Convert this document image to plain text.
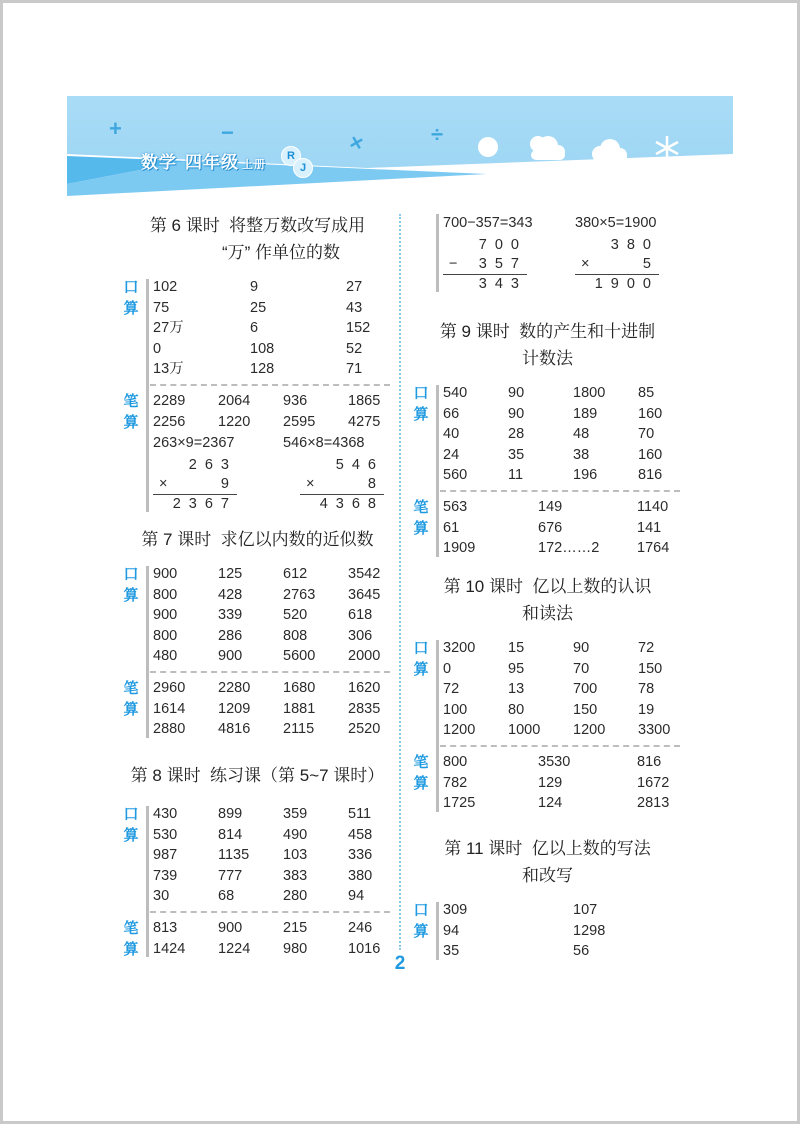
+	−	×	÷
数学 四年级 上册
R
J
第 6 课时  将整万数改写成用
“万” 作单位的数
口
算
102	9	27
75	25	43
27万	6	152
0	108	52
13万	128	71
笔
算
2289	2064	936	1865
2256	1220	2595	4275
263×9=2367	546×8=4368
263
×	9
2367
546
×	8
4368
第 7 课时  求亿以内数的近似数
口
算
900	125	612	3542
800	428	2763	3645
900	339	520	618
800	286	808	306
480	900	5600	2000
笔
算
2960	2280	1680	1620
1614	1209	1881	2835
2880	4816	2115	2520
第 8 课时  练习课（第 5~7 课时）
口
算
430	899	359	511
530	814	490	458
987	1135	103	336
739	777	383	380
30	68	280	94
笔
算
813	900	215	246
1424	1224	980	1016
700−357=343	380×5=1900
700
−	357
343
380
×	5
1900
第 9 课时  数的产生和十进制
计数法
口
算
540	90	1800	85
66	90	189	160
40	28	48	70
24	35	38	160
560	11	196	816
笔
算
563	149	1140
61	676	141
1909	172……2	1764
第 10 课时  亿以上数的认识
和读法
口
算
3200	15	90	72
0	95	70	150
72	13	700	78
100	80	150	19
1200	1000	1200	3300
笔
算
800	3530	816
782	129	1672
1725	124	2813
第 11 课时  亿以上数的写法
和改写
口
算
309	107
94	1298
35	56
2
